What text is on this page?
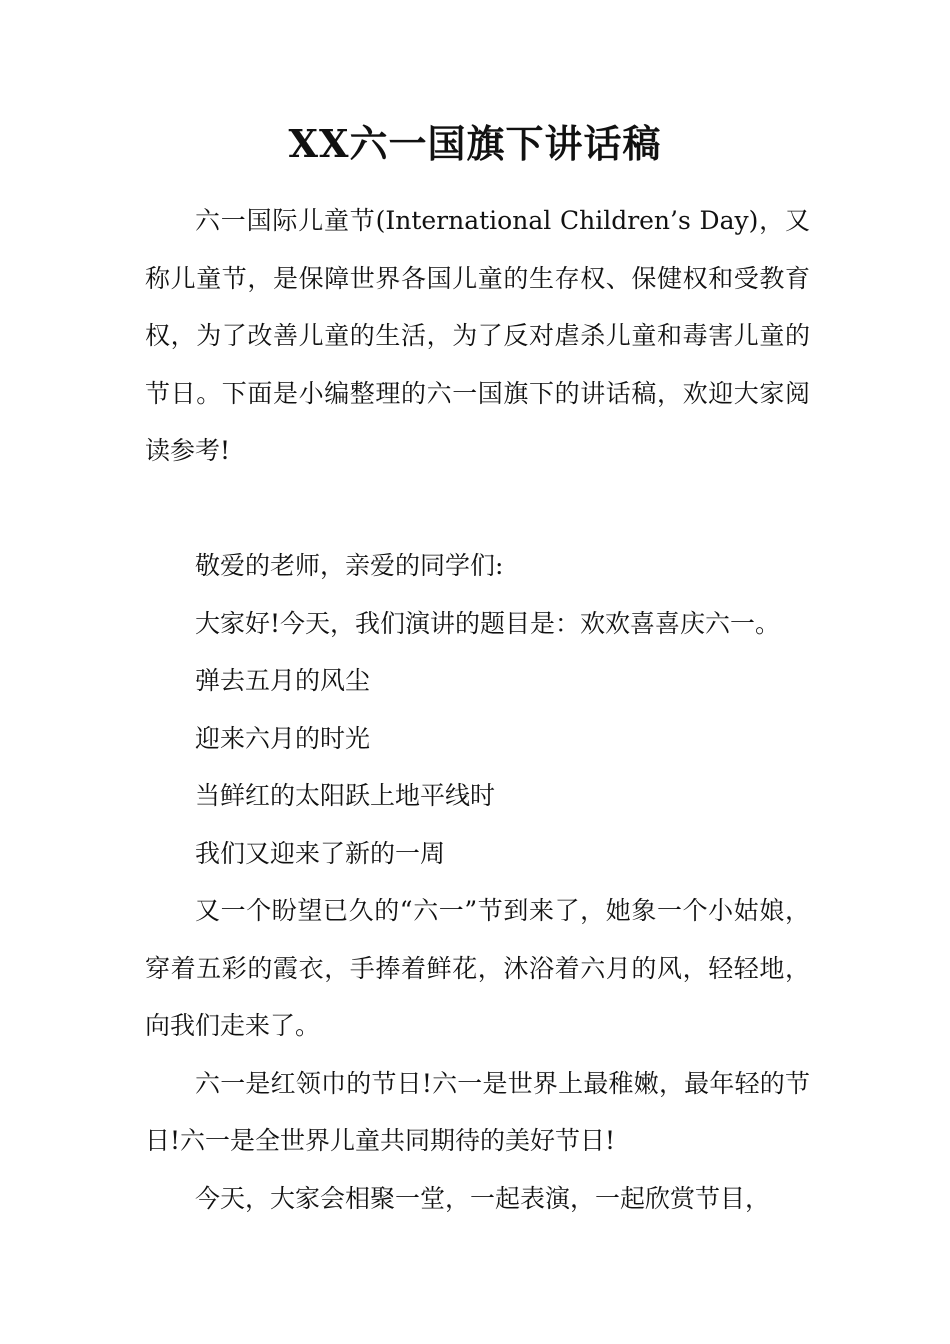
XX六一国旗下讲话稿

六一国际儿童节(International Children’s Day)，又称儿童节，是保障世界各国儿童的生存权、保健权和受教育权，为了改善儿童的生活，为了反对虐杀儿童和毒害儿童的节日。下面是小编整理的六一国旗下的讲话稿，欢迎大家阅读参考!

敬爱的老师，亲爱的同学们:

大家好!今天，我们演讲的题目是：欢欢喜喜庆六一。

弹去五月的风尘

迎来六月的时光

当鲜红的太阳跃上地平线时

我们又迎来了新的一周

又一个盼望已久的“六一”节到来了，她象一个小姑娘，穿着五彩的霞衣，手捧着鲜花，沐浴着六月的风，轻轻地，向我们走来了。

六一是红领巾的节日!六一是世界上最稚嫩，最年轻的节日!六一是全世界儿童共同期待的美好节日!

今天，大家会相聚一堂，一起表演，一起欣赏节目，
